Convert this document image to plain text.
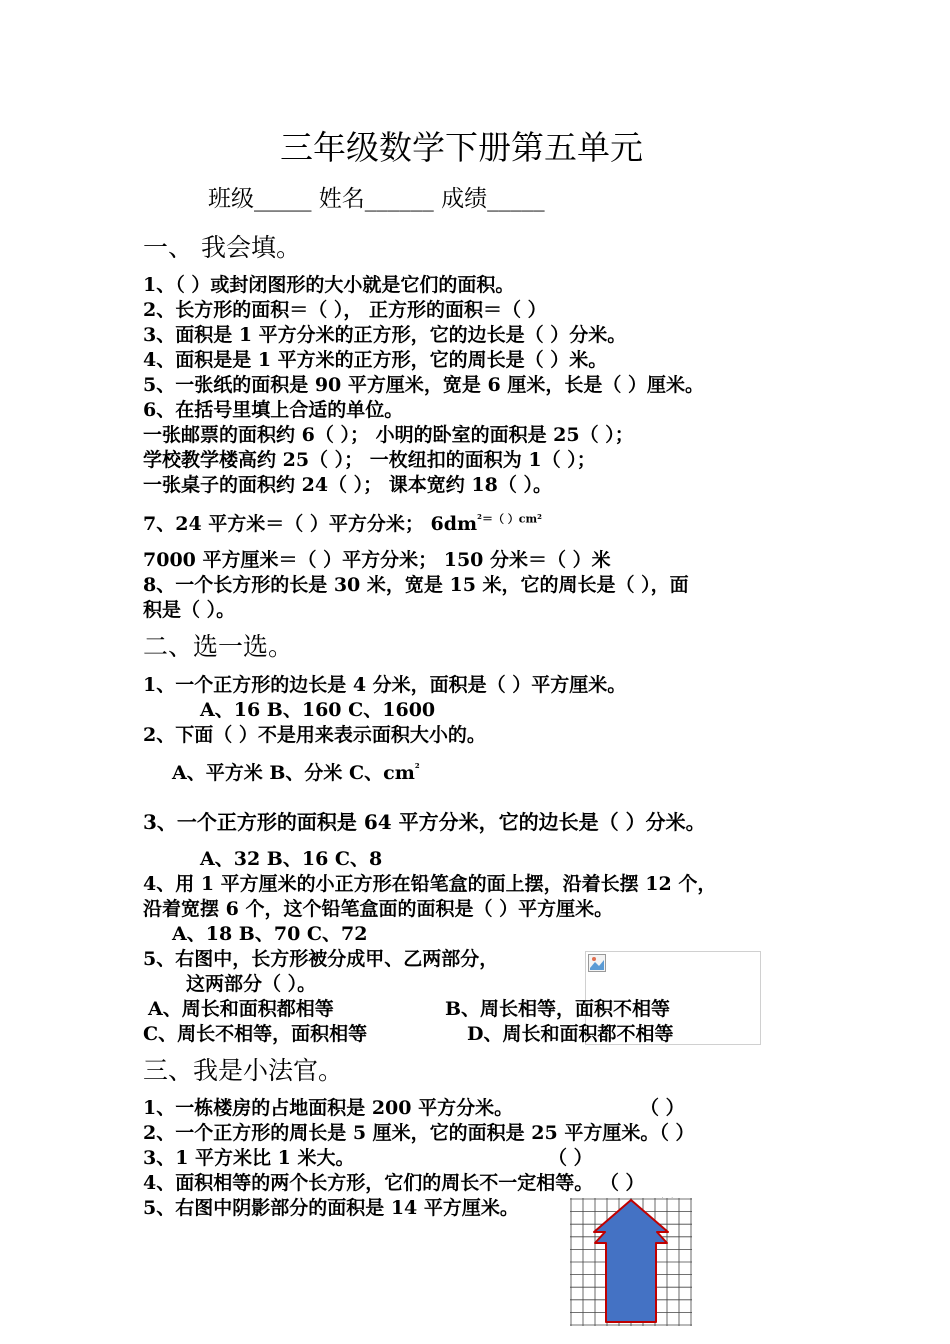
三年级数学下册第五单元
班级_____ 姓名______ 成绩_____
一、 我会填。
1、（ ）或封闭图形的大小就是它们的面积。
2、长方形的面积＝（ ）， 正方形的面积＝（ ）
3、面积是 1 平方分米的正方形，它的边长是（ ）分米。
4、面积是是 1 平方米的正方形，它的周长是（ ）米。
5、一张纸的面积是 90 平方厘米，宽是 6 厘米，长是（ ）厘米。
6、在括号里填上合适的单位。
一张邮票的面积约 6（ ）； 小明的卧室的面积是 25（ ）；
学校教学楼高约 25（ ）； 一枚纽扣的面积为 1（ ）；
一张桌子的面积约 24（ ）； 课本宽约 18（ ）。
7、24 平方米＝（ ）平方分米； $6dm^{^2=( )cm^2}$
7000 平方厘米＝（ ）平方分米； 150 分米＝（ ）米
8、一个长方形的长是 30 米，宽是 15 米，它的周长是（ ），面
积是（ ）。
二、选一选。
1、一个正方形的边长是 4 分米，面积是（ ）平方厘米。
A、16 B、160 C、1600
2、下面（ ）不是用来表示面积大小的。
A、平方米 B、分米 C、$cm^{^2}$
3、一个正方形的面积是 64 平方分米，它的边长是（ ）分米。
A、32 B、16 C、8
4、用 1 平方厘米的小正方形在铅笔盒的面上摆，沿着长摆 12 个，
沿着宽摆 6 个，这个铅笔盒面的面积是（ ）平方厘米。
A、18 B、70 C、72
5、右图中，长方形被分成甲、乙两部分，
这两部分（ ）。
A、周长和面积都相等	B、周长相等，面积不相等
C、周长不相等，面积相等	D、周长和面积都不相等
三、我是小法官。
1、一栋楼房的占地面积是 200 平方分米。	（ ）
2、一个正方形的周长是 5 厘米，它的面积是 25 平方厘米。（ ）
3、1 平方米比 1 米大。	（ ）
4、面积相等的两个长方形，它们的周长不一定相等。 （ ）
5、右图中阴影部分的面积是 14 平方厘米。
